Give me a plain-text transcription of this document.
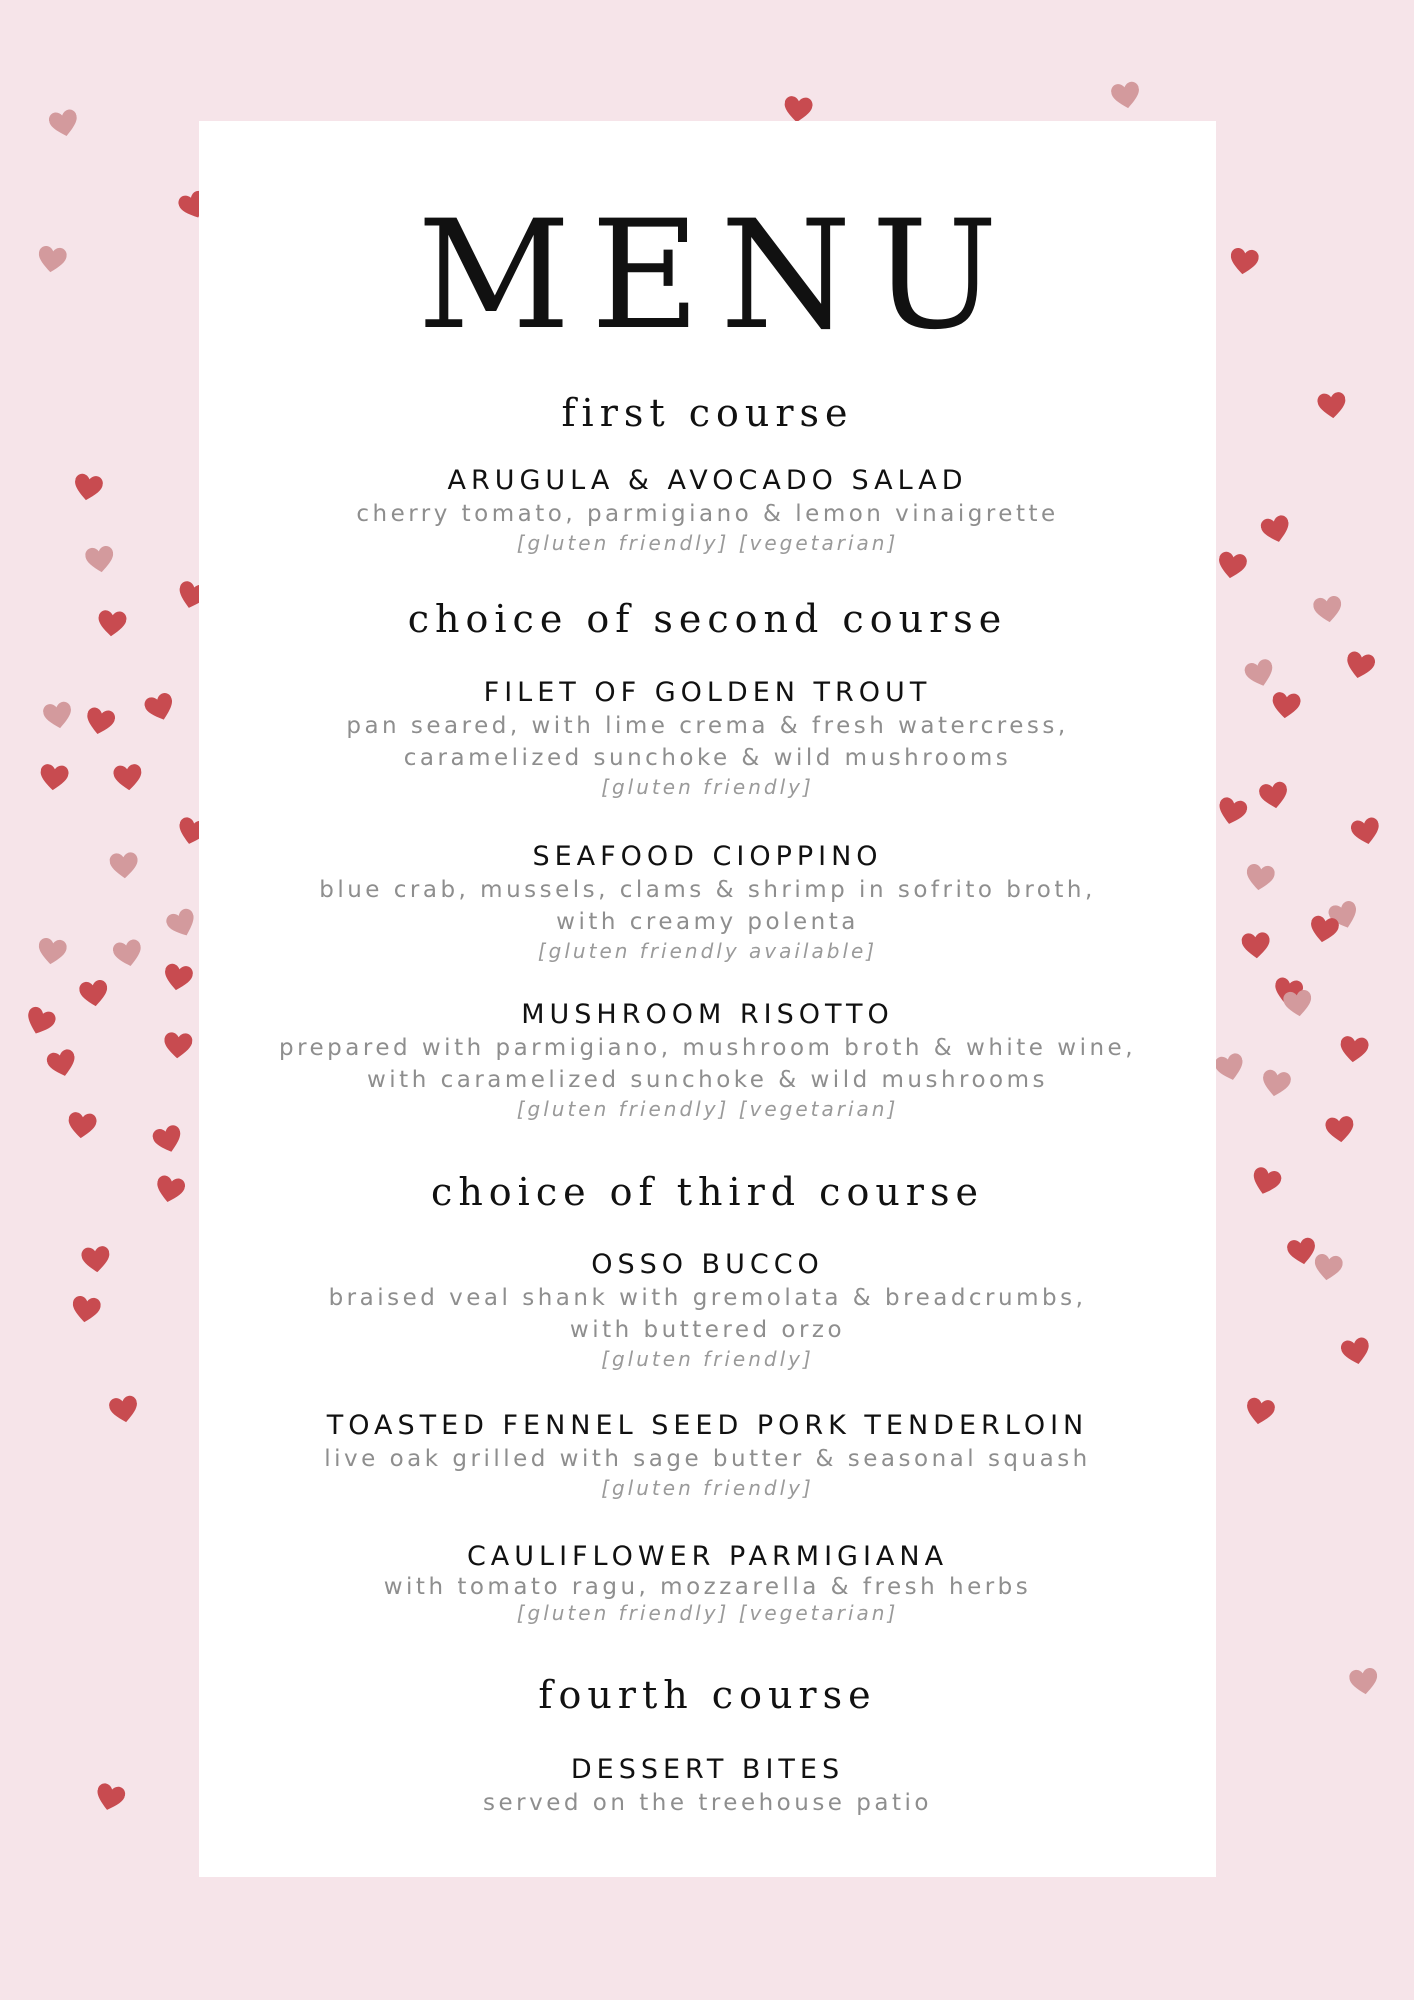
MENU
first course
ARUGULA & AVOCADO SALAD
cherry tomato, parmigiano & lemon vinaigrette
[gluten friendly] [vegetarian]
choice of second course
FILET OF GOLDEN TROUT
pan seared, with lime crema & fresh watercress,
caramelized sunchoke & wild mushrooms
[gluten friendly]
SEAFOOD CIOPPINO
blue crab, mussels, clams & shrimp in sofrito broth,
with creamy polenta
[gluten friendly available]
MUSHROOM RISOTTO
prepared with parmigiano, mushroom broth & white wine,
with caramelized sunchoke & wild mushrooms
[gluten friendly] [vegetarian]
choice of third course
OSSO BUCCO
braised veal shank with gremolata & breadcrumbs,
with buttered orzo
[gluten friendly]
TOASTED FENNEL SEED PORK TENDERLOIN
live oak grilled with sage butter & seasonal squash
[gluten friendly]
CAULIFLOWER PARMIGIANA
with tomato ragu, mozzarella & fresh herbs
[gluten friendly] [vegetarian]
fourth course
DESSERT BITES
served on the treehouse patio
